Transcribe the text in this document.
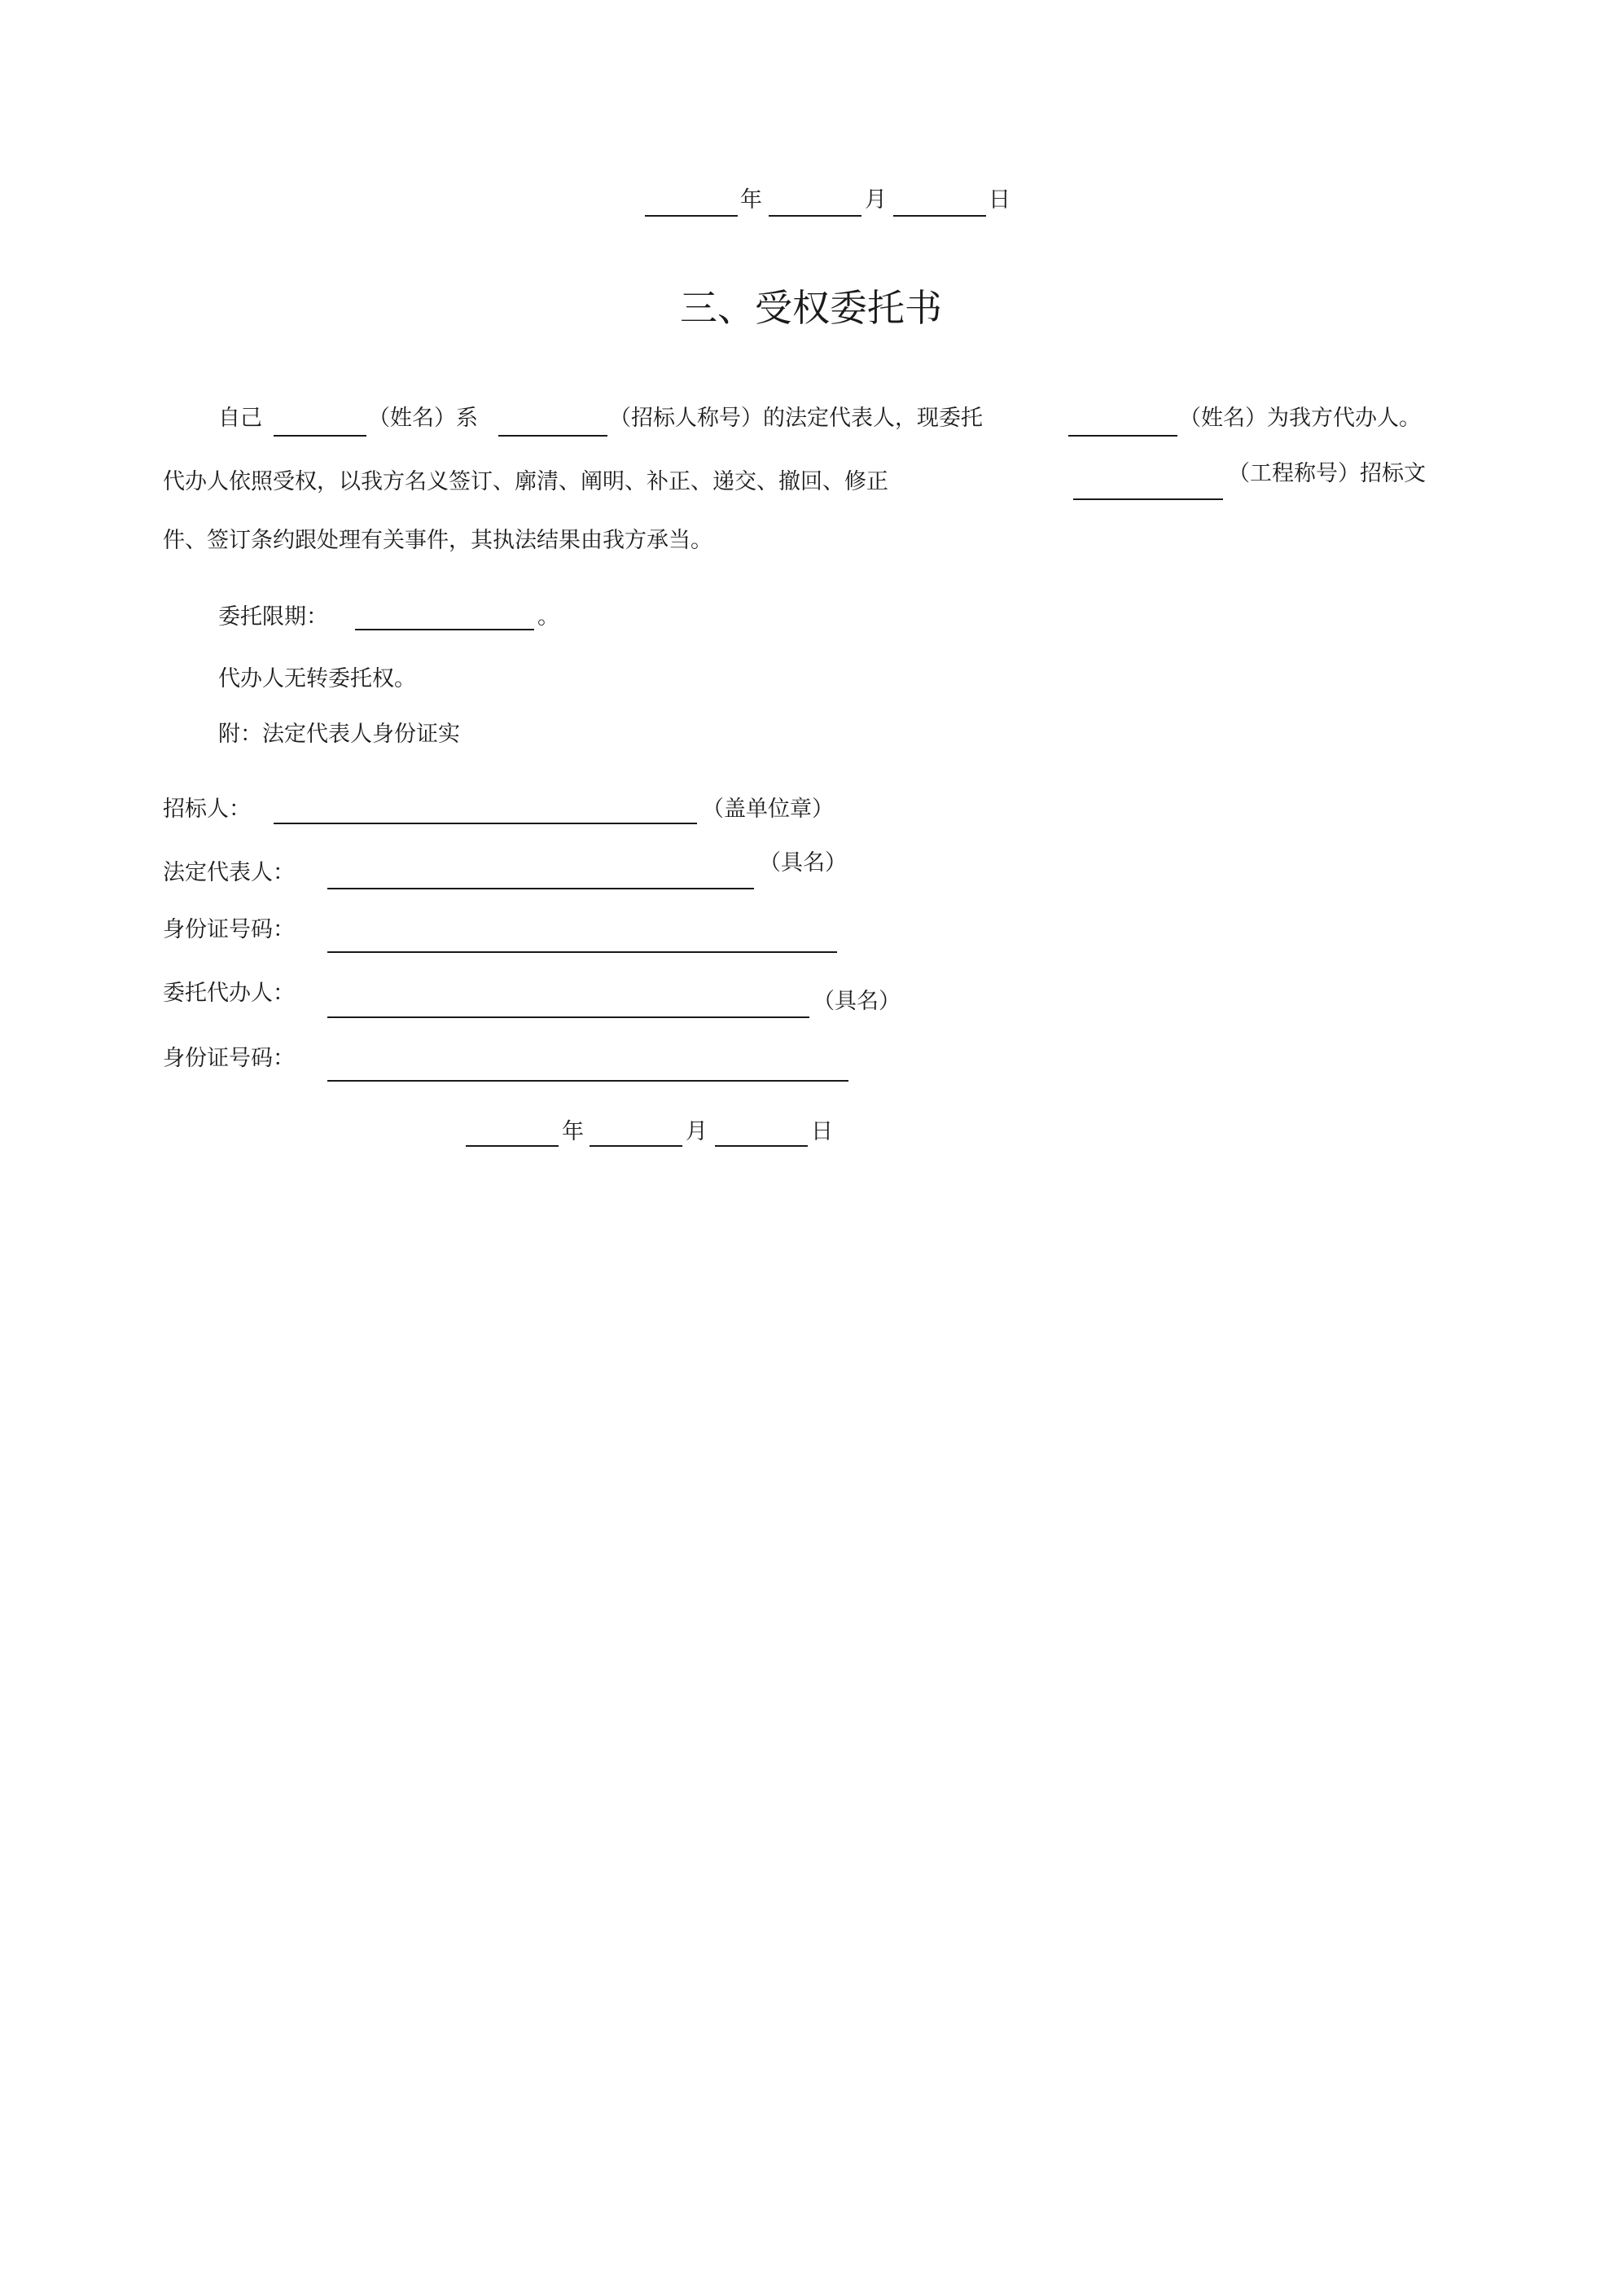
年	月	日
三、受权委托书
自己	（姓名）系	（招标人称号）的法定代表人，现委托	（姓名）为我方代办人。
代办人依照受权，以我方名义签订、廓清、阐明、补正、递交、撤回、修正	（工程称号）招标文
件、签订条约跟处理有关事件，其执法结果由我方承当。
委托限期：	。
代办人无转委托权。
附：法定代表人身份证实
招标人：	（盖单位章）
法定代表人：	（具名）
身份证号码：
委托代办人：	（具名）
身份证号码：
年	月	日
